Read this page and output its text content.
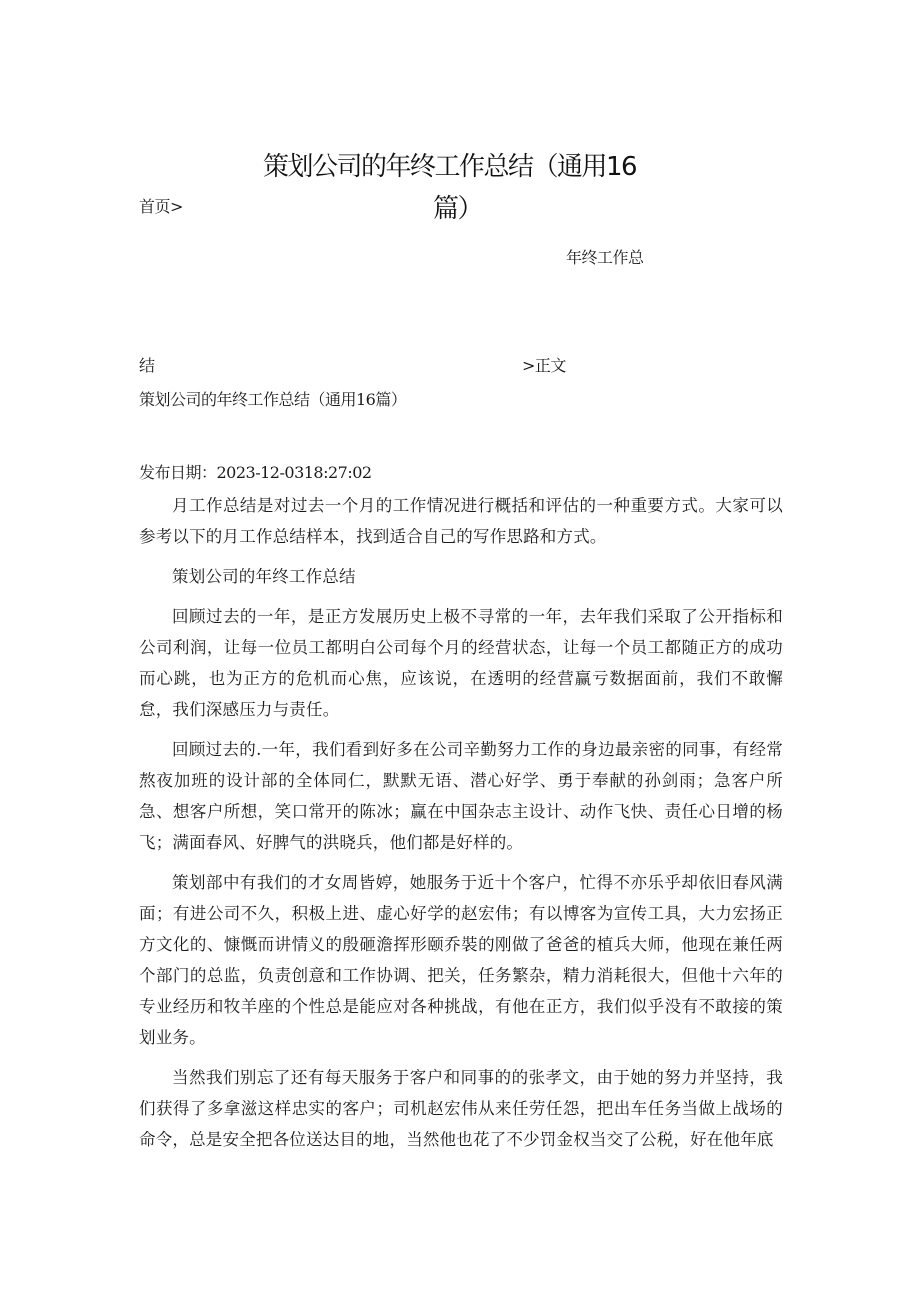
策划公司的年终工作总结（通用16
篇）
首页>
年终工作总
结	>正文
策划公司的年终工作总结（通用16篇）
发布日期：2023-12-0318:27:02

月工作总结是对过去一个月的工作情况进行概括和评估的一种重要方式。大家可以参考以下的月工作总结样本，找到适合自己的写作思路和方式。

策划公司的年终工作总结

回顾过去的一年，是正方发展历史上极不寻常的一年，去年我们采取了公开指标和公司利润，让每一位员工都明白公司每个月的经营状态，让每一个员工都随正方的成功而心跳，也为正方的危机而心焦，应该说，在透明的经营赢亏数据面前，我们不敢懈怠，我们深感压力与责任。

回顾过去的.一年，我们看到好多在公司辛勤努力工作的身边最亲密的同事，有经常熬夜加班的设计部的全体同仁，默默无语、潜心好学、勇于奉献的孙剑雨；急客户所急、想客户所想，笑口常开的陈冰；赢在中国杂志主设计、动作飞快、责任心日增的杨飞；满面春风、好脾气的洪晓兵，他们都是好样的。

策划部中有我们的才女周皆婷，她服务于近十个客户，忙得不亦乐乎却依旧春风满面；有进公司不久，积极上进、虚心好学的赵宏伟；有以博客为宣传工具，大力宏扬正方文化的、慷慨而讲情义的殷砸澹挥形颐乔裝的刚做了爸爸的植兵大师，他现在兼任两个部门的总监，负责创意和工作协调、把关，任务繁杂，精力消耗很大，但他十六年的专业经历和牧羊座的个性总是能应对各种挑战，有他在正方，我们似乎没有不敢接的策划业务。

当然我们别忘了还有每天服务于客户和同事的的张孝文，由于她的努力并坚持，我们获得了多拿滋这样忠实的客户；司机赵宏伟从来任劳任怨，把出车任务当做上战场的命令，总是安全把各位送达目的地，当然他也花了不少罚金权当交了公税，好在他年底
